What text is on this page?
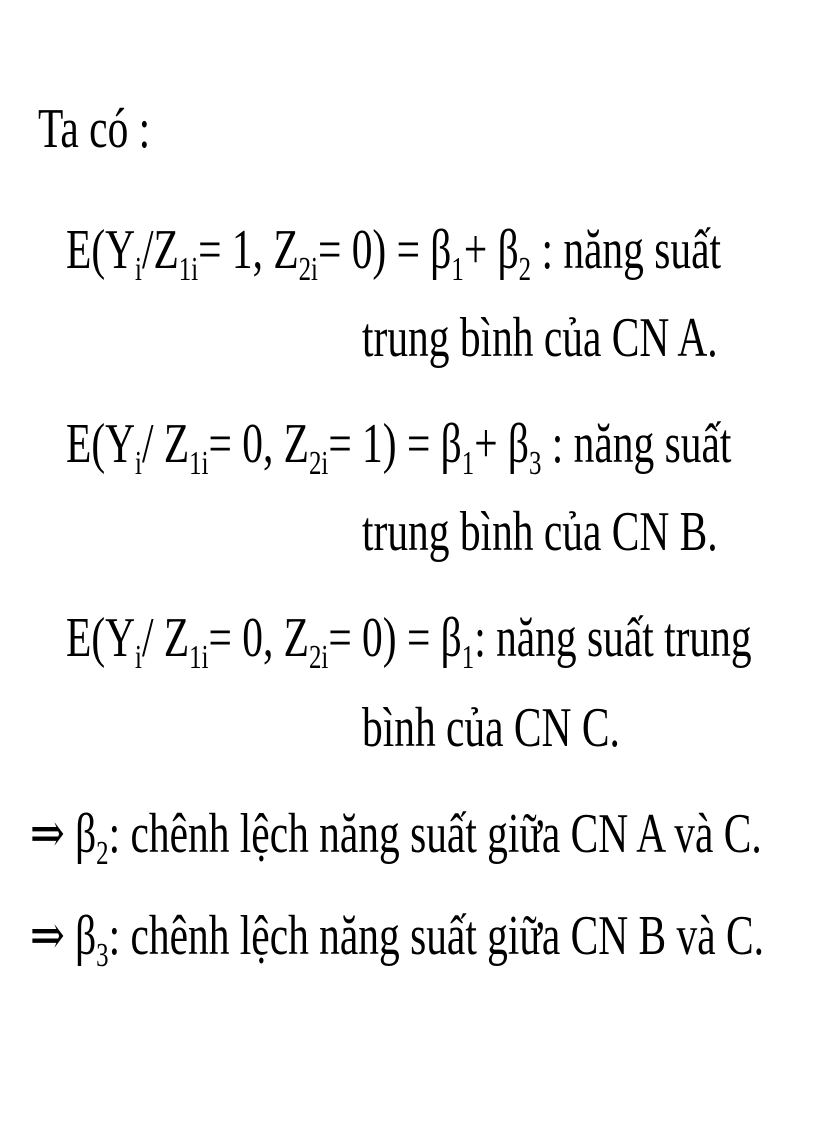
Ta có :
$E(Y_i/Z_{1i}= 1$, $Z_{2i}= 0) = \beta_1+ \beta_2$ : năng suất
trung bình của CN A.
$E(Y_i/$ $Z_{1i}= 0$, $Z_{2i}= 1) = \beta_1+ \beta_3$ : năng suất
trung bình của CN B.
$E(Y_i/$ $Z_{1i}= 0$, $Z_{2i}= 0) = \beta_1$: năng suất trung
bình của CN C.
⇒ $\beta_2$: chênh lệch năng suất giữa CN A và C.
⇒ $\beta_3$: chênh lệch năng suất giữa CN B và C.
